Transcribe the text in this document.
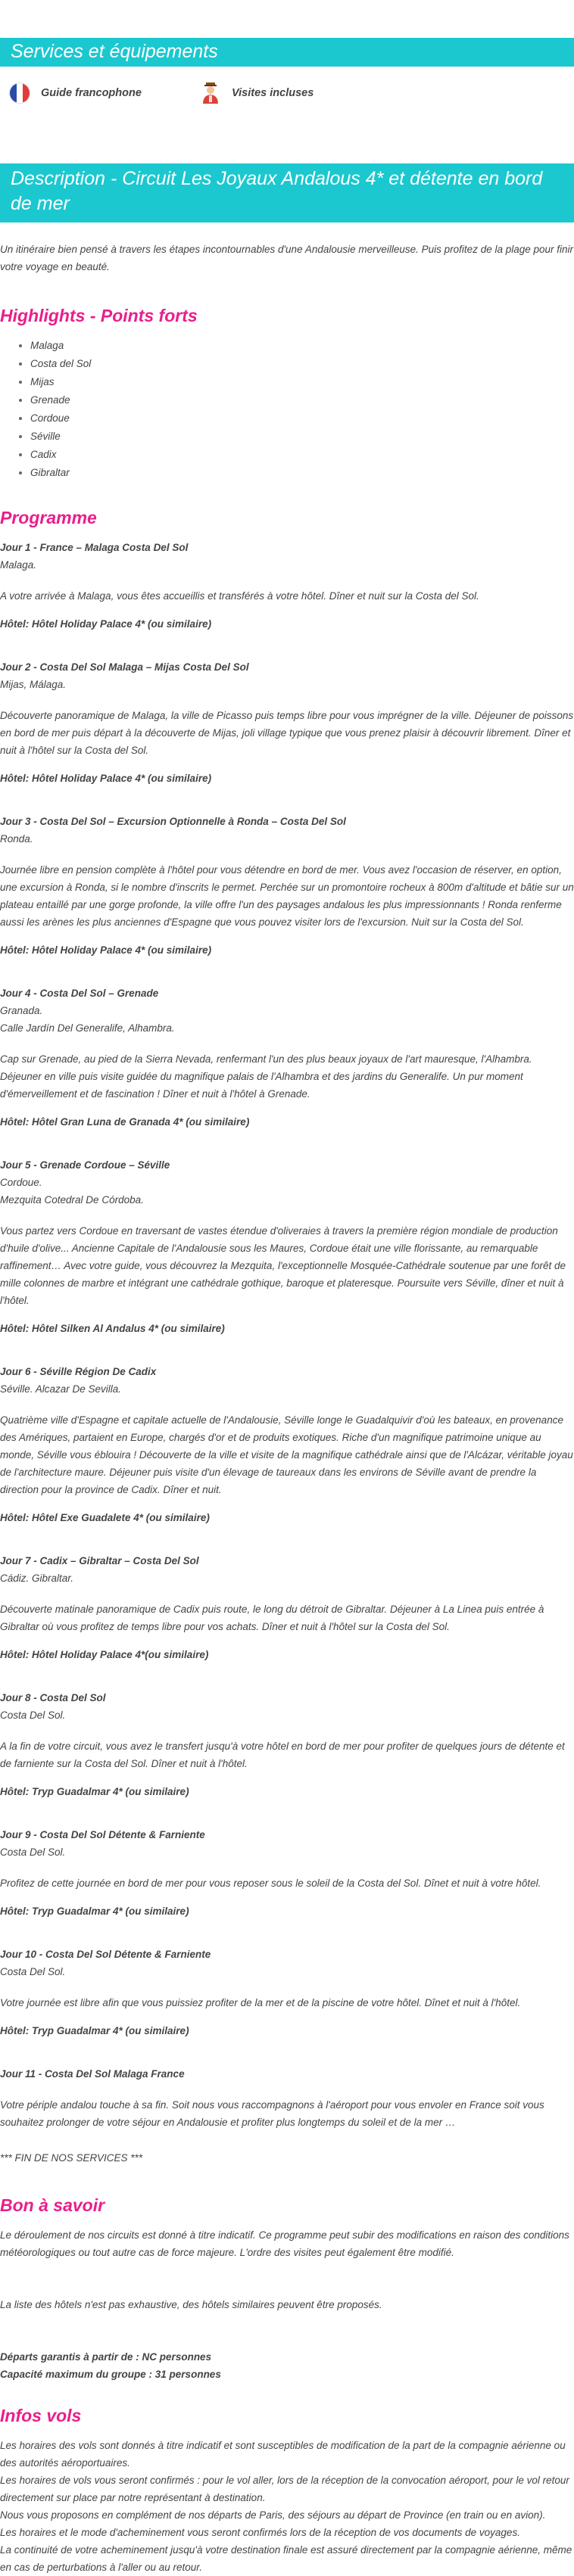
Services et équipements
Guide francophone	Visites incluses
Description - Circuit Les Joyaux Andalous 4* et détente en bord de mer

Un itinéraire bien pensé à travers les étapes incontournables d'une Andalousie merveilleuse. Puis profitez de la plage pour finir votre voyage en beauté.

Highlights - Points forts
• Malaga
• Costa del Sol
• Mijas
• Grenade
• Cordoue
• Séville
• Cadix
• Gibraltar
Programme

Jour 1 - France – Malaga Costa Del Sol

Malaga.

A votre arrivée à Malaga, vous êtes accueillis et transférés à votre hôtel. Dîner et nuit sur la Costa del Sol.

Hôtel: Hôtel Holiday Palace 4* (ou similaire)

Jour 2 - Costa Del Sol Malaga – Mijas Costa Del Sol

Mijas, Málaga.

Découverte panoramique de Malaga, la ville de Picasso puis temps libre pour vous imprégner de la ville. Déjeuner de poissons en bord de mer puis départ à la découverte de Mijas, joli village typique que vous prenez plaisir à découvrir librement. Dîner et nuit à l'hôtel sur la Costa del Sol.

Hôtel: Hôtel Holiday Palace 4* (ou similaire)

Jour 3 - Costa Del Sol – Excursion Optionnelle à Ronda – Costa Del Sol

Ronda.

Journée libre en pension complète à l'hôtel pour vous détendre en bord de mer. Vous avez l'occasion de réserver, en option, une excursion à Ronda, si le nombre d'inscrits le permet. Perchée sur un promontoire rocheux à 800m d'altitude et bâtie sur un plateau entaillé par une gorge profonde, la ville offre l'un des paysages andalous les plus impressionnants ! Ronda renferme aussi les arènes les plus anciennes d'Espagne que vous pouvez visiter lors de l'excursion. Nuit sur la Costa del Sol.

Hôtel: Hôtel Holiday Palace 4* (ou similaire)

Jour 4 - Costa Del Sol – Grenade

Granada.

Calle Jardín Del Generalife, Alhambra.

Cap sur Grenade, au pied de la Sierra Nevada, renfermant l'un des plus beaux joyaux de l'art mauresque, l'Alhambra. Déjeuner en ville puis visite guidée du magnifique palais de l'Alhambra et des jardins du Generalife. Un pur moment d'émerveillement et de fascination ! Dîner et nuit à l'hôtel à Grenade.

Hôtel: Hôtel Gran Luna de Granada 4* (ou similaire)

Jour 5 - Grenade Cordoue – Séville

Cordoue.

Mezquita Cotedral De Córdoba.

Vous partez vers Cordoue en traversant de vastes étendue d'oliveraies à travers la première région mondiale de production d'huile d'olive... Ancienne Capitale de l'Andalousie sous les Maures, Cordoue était une ville florissante, au remarquable raffinement… Avec votre guide, vous découvrez la Mezquita, l'exceptionnelle Mosquée-Cathédrale soutenue par une forêt de mille colonnes de marbre et intégrant une cathédrale gothique, baroque et plateresque. Poursuite vers Séville, dîner et nuit à l'hôtel.

Hôtel: Hôtel Silken Al Andalus 4* (ou similaire)

Jour 6 - Séville Région De Cadix

Séville. Alcazar De Sevilla.

Quatrième ville d'Espagne et capitale actuelle de l'Andalousie, Séville longe le Guadalquivir d'où les bateaux, en provenance des Amériques, partaient en Europe, chargés d'or et de produits exotiques. Riche d'un magnifique patrimoine unique au monde, Séville vous éblouira ! Découverte de la ville et visite de la magnifique cathédrale ainsi que de l'Alcázar, véritable joyau de l'architecture maure. Déjeuner puis visite d'un élevage de taureaux dans les environs de Séville avant de prendre la direction pour la province de Cadix. Dîner et nuit.

Hôtel: Hôtel Exe Guadalete 4* (ou similaire)

Jour 7 - Cadix – Gibraltar – Costa Del Sol

Cádiz. Gibraltar.

Découverte matinale panoramique de Cadix puis route, le long du détroit de Gibraltar. Déjeuner à La Linea puis entrée à Gibraltar où vous profitez de temps libre pour vos achats. Dîner et nuit à l'hôtel sur la Costa del Sol.

Hôtel: Hôtel Holiday Palace 4*(ou similaire)

Jour 8 - Costa Del Sol

Costa Del Sol.

A la fin de votre circuit, vous avez le transfert jusqu'à votre hôtel en bord de mer pour profiter de quelques jours de détente et de farniente sur la Costa del Sol. Dîner et nuit à l'hôtel.

Hôtel: Tryp Guadalmar 4* (ou similaire)

Jour 9 - Costa Del Sol Détente & Farniente

Costa Del Sol.

Profitez de cette journée en bord de mer pour vous reposer sous le soleil de la Costa del Sol. Dînet et nuit à votre hôtel.

Hôtel: Tryp Guadalmar 4* (ou similaire)

Jour 10 - Costa Del Sol Détente & Farniente

Costa Del Sol.

Votre journée est libre afin que vous puissiez profiter de la mer et de la piscine de votre hôtel. Dînet et nuit à l'hôtel.

Hôtel: Tryp Guadalmar 4* (ou similaire)

Jour 11 - Costa Del Sol Malaga France

Votre périple andalou touche à sa fin. Soit nous vous raccompagnons à l'aéroport pour vous envoler en France soit vous souhaitez prolonger de votre séjour en Andalousie et profiter plus longtemps du soleil et de la mer …

*** FIN DE NOS SERVICES ***

Bon à savoir

Le déroulement de nos circuits est donné à titre indicatif. Ce programme peut subir des modifications en raison des conditions météorologiques ou tout autre cas de force majeure. L'ordre des visites peut également être modifié.

La liste des hôtels n'est pas exhaustive, des hôtels similaires peuvent être proposés.

Départs garantis à partir de : NC personnes

Capacité maximum du groupe : 31 personnes

Infos vols

Les horaires des vols sont donnés à titre indicatif et sont susceptibles de modification de la part de la compagnie aérienne ou des autorités aéroportuaires.

Les horaires de vols vous seront confirmés : pour le vol aller, lors de la réception de la convocation aéroport, pour le vol retour directement sur place par notre représentant à destination.

Nous vous proposons en complément de nos départs de Paris, des séjours au départ de Province (en train ou en avion).

Les horaires et le mode d'acheminement vous seront confirmés lors de la réception de vos documents de voyages.

La continuité de votre acheminement jusqu'à votre destination finale est assuré directement par la compagnie aérienne, même en cas de perturbations à l'aller ou au retour.
